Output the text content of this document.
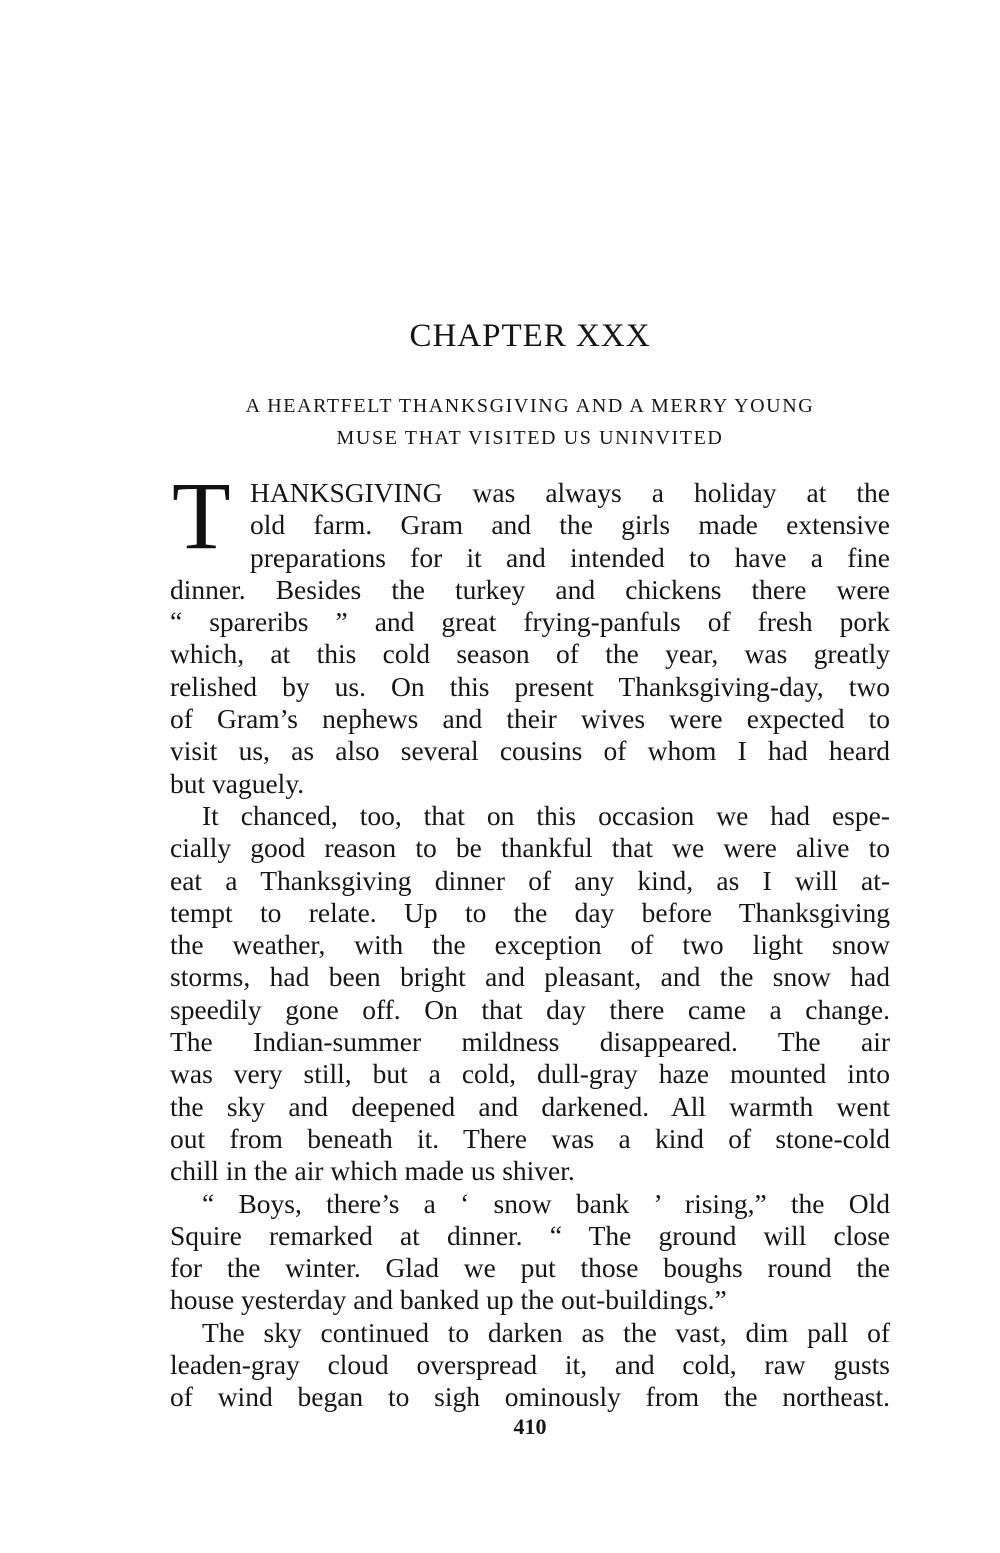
CHAPTER XXX
A HEARTFELT THANKSGIVING AND A MERRY YOUNG
MUSE THAT VISITED US UNINVITED
T HANKSGIVING was always a holiday at the
old farm. Gram and the girls made extensive
preparations for it and intended to have a fine
dinner. Besides the turkey and chickens there were
“ spareribs ” and great frying-panfuls of fresh pork
which, at this cold season of the year, was greatly
relished by us. On this present Thanksgiving-day, two
of Gram’s nephews and their wives were expected to
visit us, as also several cousins of whom I had heard
but vaguely.
It chanced, too, that on this occasion we had espe-
cially good reason to be thankful that we were alive to
eat a Thanksgiving dinner of any kind, as I will at-
tempt to relate. Up to the day before Thanksgiving
the weather, with the exception of two light snow
storms, had been bright and pleasant, and the snow had
speedily gone off. On that day there came a change.
The Indian-summer mildness disappeared. The air
was very still, but a cold, dull-gray haze mounted into
the sky and deepened and darkened. All warmth went
out from beneath it. There was a kind of stone-cold
chill in the air which made us shiver.
“ Boys, there’s a ‘ snow bank ’ rising,” the Old
Squire remarked at dinner. “ The ground will close
for the winter. Glad we put those boughs round the
house yesterday and banked up the out-buildings.”
The sky continued to darken as the vast, dim pall of
leaden-gray cloud overspread it, and cold, raw gusts
of wind began to sigh ominously from the northeast.
410
